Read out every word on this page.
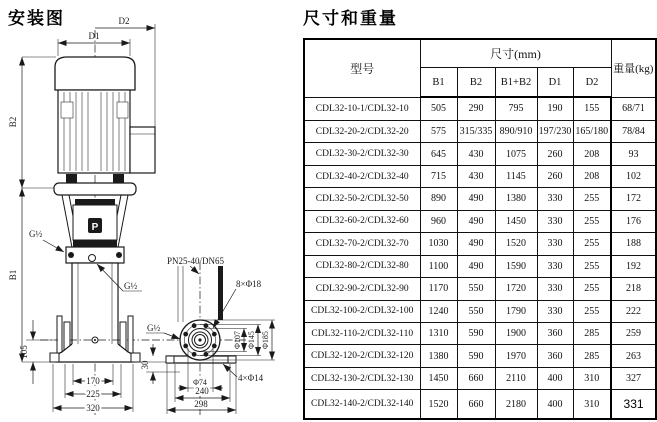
安装图	尺寸和重量
P
D2
D1
B2
B1
105
170
225
320
G½
G½
PN25-40/DN65
8×Φ18
G½
Φ107 Φ145 Φ185
30
4×Φ14
Φ74
240
298
型号	尺寸(mm)					重量(kg)
	B1	B2	B1+B2	D1	D2	
CDL32-10-1/CDL32-10	505	290	795	190	155	68/71
CDL32-20-2/CDL32-20	575	315/335	890/910	197/230	165/180	78/84
CDL32-30-2/CDL32-30	645	430	1075	260	208	93
CDL32-40-2/CDL32-40	715	430	1145	260	208	102
CDL32-50-2/CDL32-50	890	490	1380	330	255	172
CDL32-60-2/CDL32-60	960	490	1450	330	255	176
CDL32-70-2/CDL32-70	1030	490	1520	330	255	188
CDL32-80-2/CDL32-80	1100	490	1590	330	255	192
CDL32-90-2/CDL32-90	1170	550	1720	330	255	218
CDL32-100-2/CDL32-100	1240	550	1790	330	255	222
CDL32-110-2/CDL32-110	1310	590	1900	360	285	259
CDL32-120-2/CDL32-120	1380	590	1970	360	285	263
CDL32-130-2/CDL32-130	1450	660	2110	400	310	327
CDL32-140-2/CDL32-140	1520	660	2180	400	310	331
